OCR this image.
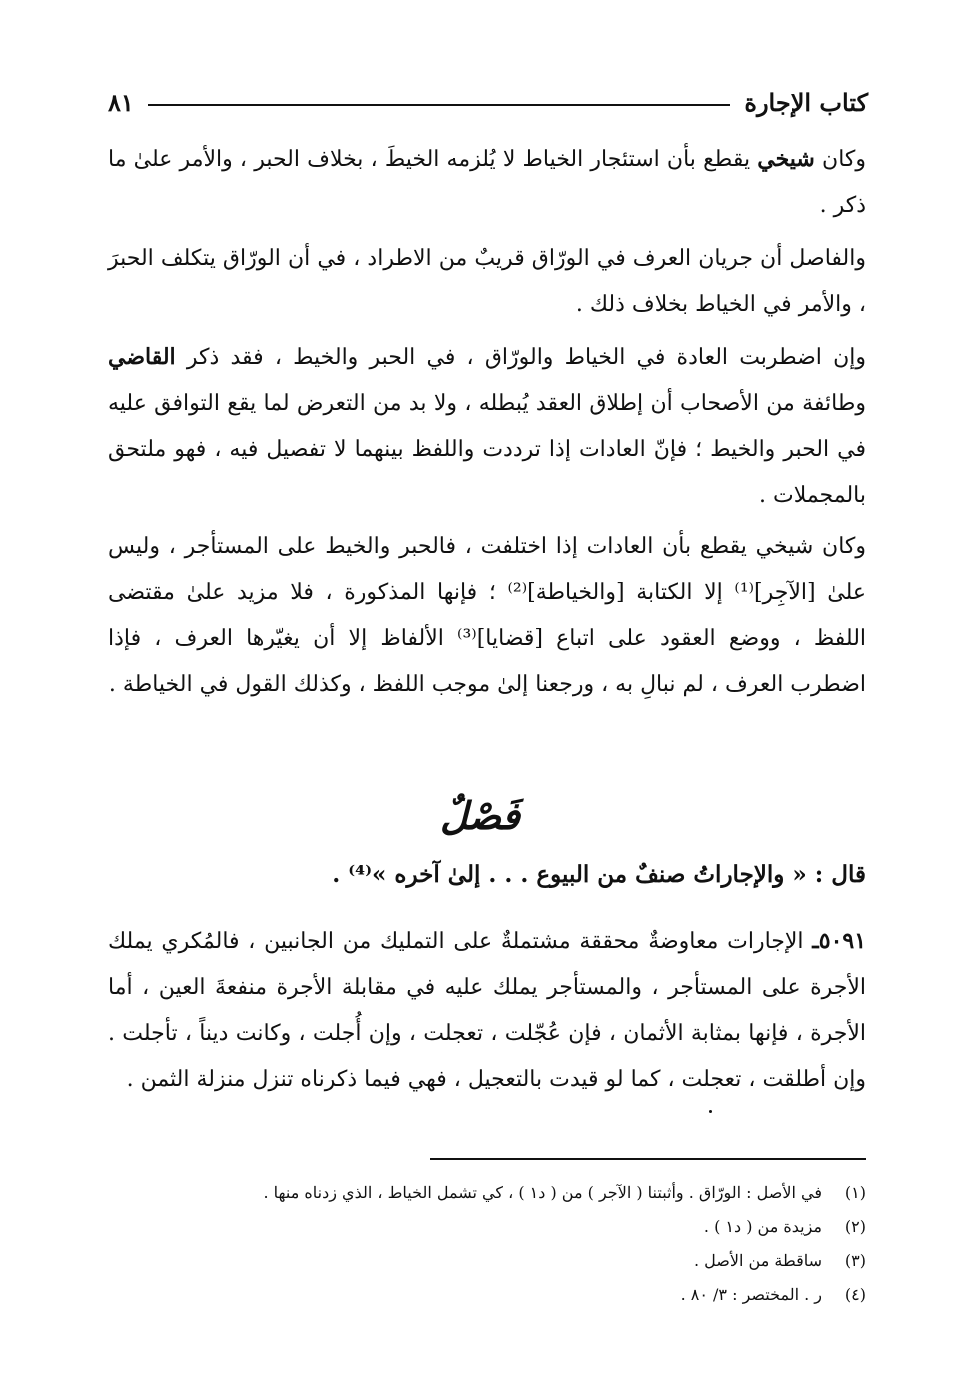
كتاب الإجارة
٨١
وكان شيخي يقطع بأن استئجار الخياط لا يُلزمه الخيطَ ، بخلاف الحبر ، والأمر علىٰ ما ذكر .
والفاصل أن جريان العرف في الورّاق قريبٌ من الاطراد ، في أن الورّاق يتكلف الحبرَ ، والأمر في الخياط بخلاف ذلك .
وإن اضطربت العادة في الخياط والورّاق ، في الحبر والخيط ، فقد ذكر القاضي وطائفة من الأصحاب أن إطلاق العقد يُبطله ، ولا بد من التعرض لما يقع التوافق عليه في الحبر والخيط ؛ فإنّ العادات إذا ترددت واللفظ بينهما لا تفصيل فيه ، فهو ملتحق بالمجملات .
وكان شيخي يقطع بأن العادات إذا اختلفت ، فالحبر والخيط على المستأجر ، وليس علىٰ [الآجِر]⁽¹⁾ إلا الكتابة [والخياطة]⁽²⁾ ؛ فإنها المذكورة ، فلا مزيد علىٰ مقتضى اللفظ ، ووضع العقود على اتباع [قضايا]⁽³⁾ الألفاظ إلا أن يغيّرها العرف ، فإذا اضطرب العرف ، لم نبالِ به ، ورجعنا إلىٰ موجب اللفظ ، وكذلك القول في الخياطة .
فَصْلٌ
قال : « والإجاراتُ صنفٌ من البيوع . . . إلىٰ آخره »⁽⁴⁾ .
٥٠٩١ـ الإجارات معاوضةٌ محققة مشتملةٌ على التمليك من الجانبين ، فالمُكري يملك الأجرة على المستأجر ، والمستأجر يملك عليه في مقابلة الأجرة منفعةَ العين ، أما الأجرة ، فإنها بمثابة الأثمان ، فإن عُجّلت ، تعجلت ، وإن أُجلت ، وكانت ديناً ، تأجلت . وإن أطلقت ، تعجلت ، كما لو قيدت بالتعجيل ، فهي فيما ذكرناه تنزل منزلة الثمن .
(١)
في الأصل : الورّاق . وأثبتنا ( الآجر ) من ( د١ ) ، كي تشمل الخياط ، الذي زدناه منها .
(٢)
مزيدة من ( د١ ) .
(٣)
ساقطة من الأصل .
(٤)
ر . المختصر : ٣/ ٨٠ .
